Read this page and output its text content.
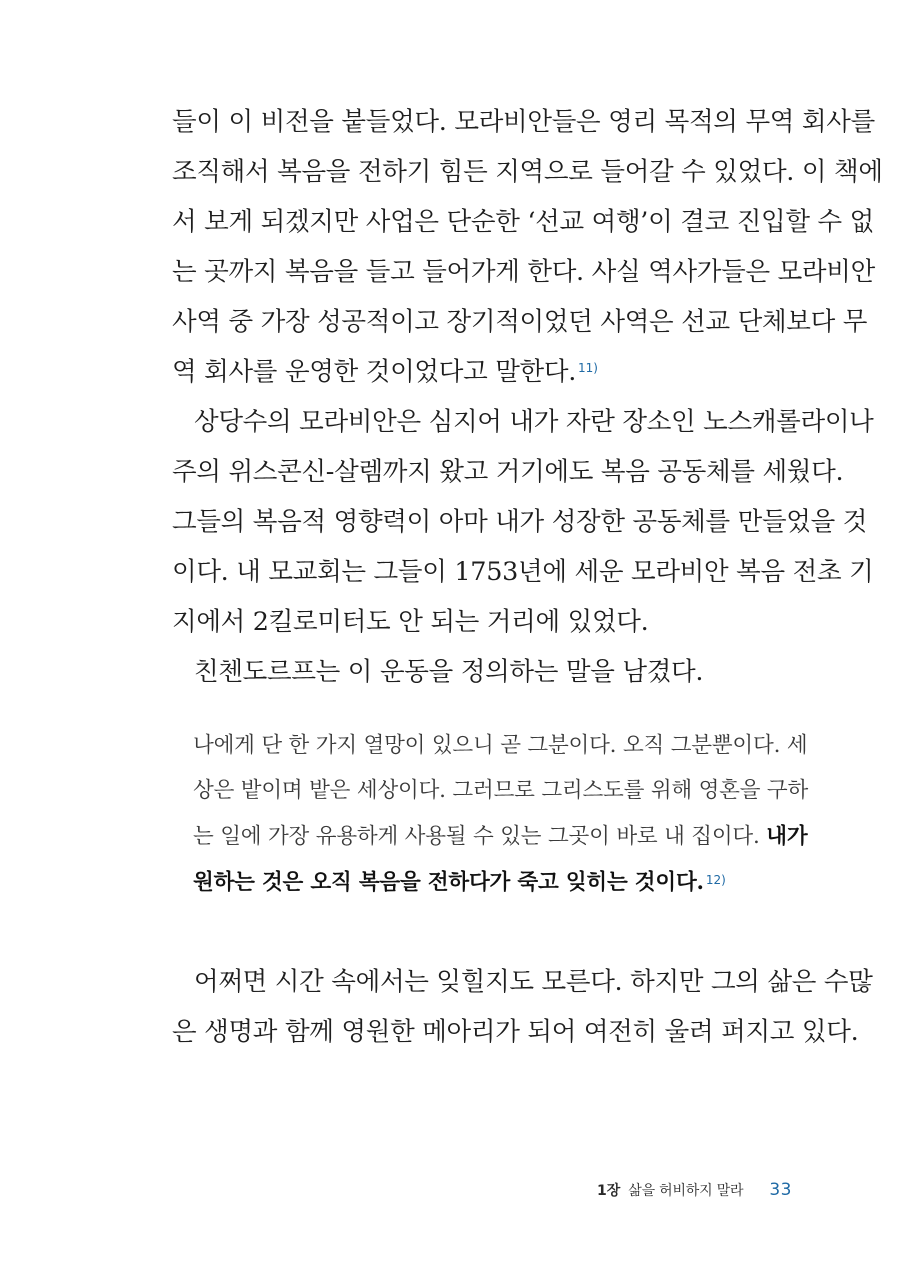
들이 이 비전을 붙들었다. 모라비안들은 영리 목적의 무역 회사를
조직해서 복음을 전하기 힘든 지역으로 들어갈 수 있었다. 이 책에
서 보게 되겠지만 사업은 단순한 ‘선교 여행’이 결코 진입할 수 없
는 곳까지 복음을 들고 들어가게 한다. 사실 역사가들은 모라비안
사역 중 가장 성공적이고 장기적이었던 사역은 선교 단체보다 무
역 회사를 운영한 것이었다고 말한다. $^{11)}$
상당수의 모라비안은 심지어 내가 자란 장소인 노스캐롤라이나
주의 위스콘신-살렘까지 왔고 거기에도 복음 공동체를 세웠다.
그들의 복음적 영향력이 아마 내가 성장한 공동체를 만들었을 것
이다. 내 모교회는 그들이 1753년에 세운 모라비안 복음 전초 기
지에서 2킬로미터도 안 되는 거리에 있었다.
친첸도르프는 이 운동을 정의하는 말을 남겼다.
나에게 단 한 가지 열망이 있으니 곧 그분이다. 오직 그분뿐이다. 세
상은 밭이며 밭은 세상이다. 그러므로 그리스도를 위해 영혼을 구하
는 일에 가장 유용하게 사용될 수 있는 그곳이 바로 내 집이다. 내가
원하는 것은 오직 복음을 전하다가 죽고 잊히는 것이다. $^{12)}$
어쩌면 시간 속에서는 잊힐지도 모른다. 하지만 그의 삶은 수많
은 생명과 함께 영원한 메아리가 되어 여전히 울려 퍼지고 있다.
1장 삶을 허비하지 말라 33
